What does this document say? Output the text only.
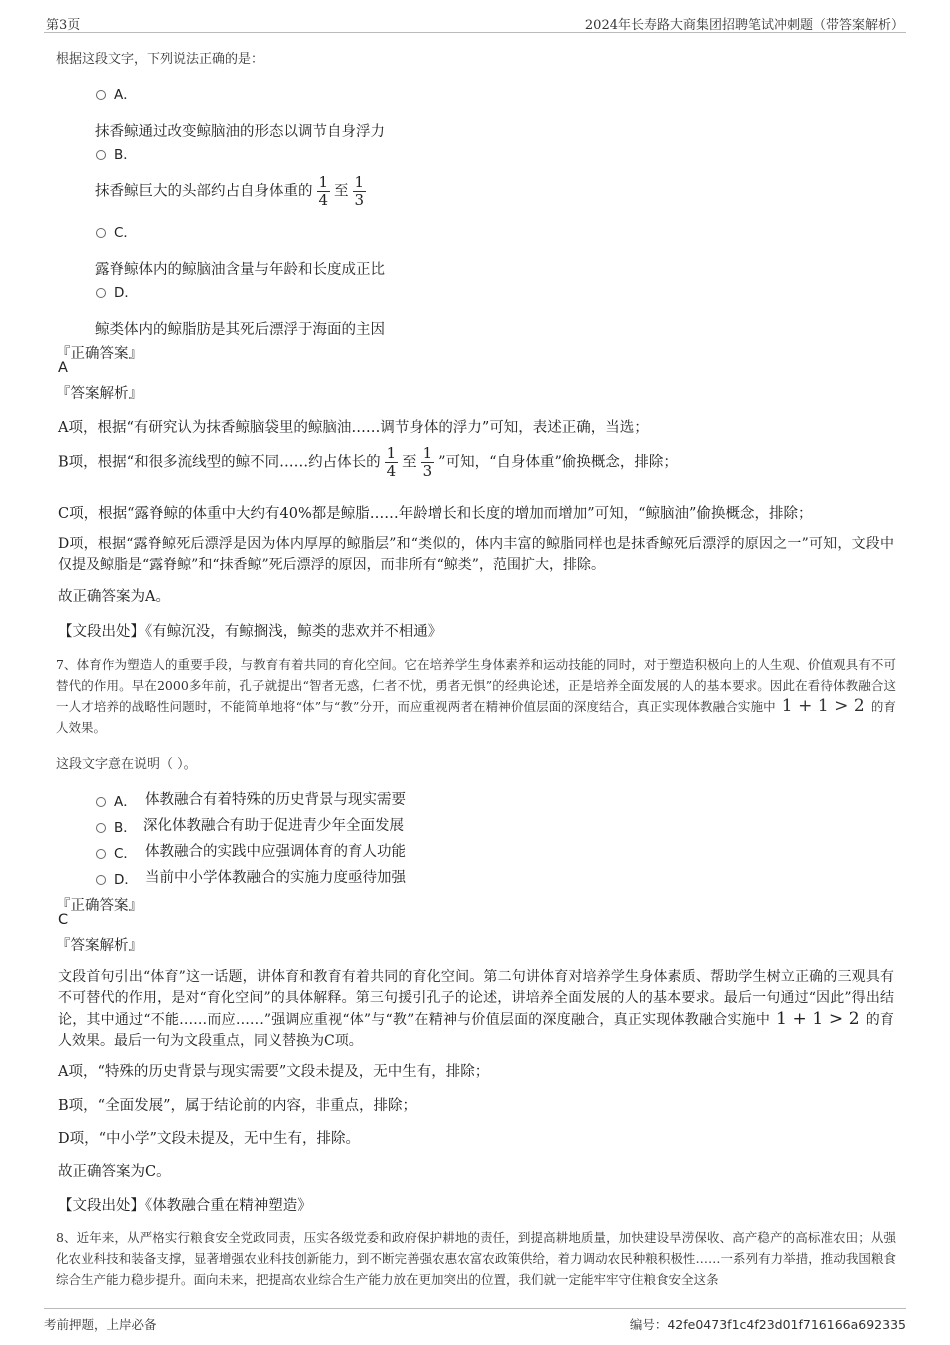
第3页	2024年长寿路大商集团招聘笔试冲刺题（带答案解析）
根据这段文字，下列说法正确的是：
A．
抹香鲸通过改变鲸脑油的形态以调节自身浮力
B．
抹香鲸巨大的头部约占自身体重的 $\frac{1}{4}$ 至 $\frac{1}{3}$
C．
露脊鲸体内的鲸脑油含量与年龄和长度成正比
D．
鲸类体内的鲸脂肪是其死后漂浮于海面的主因
『正确答案』
A
『答案解析』
A项，根据“有研究认为抹香鲸脑袋里的鲸脑油……调节身体的浮力”可知，表述正确，当选；
B项，根据“和很多流线型的鲸不同……约占体长的 $\frac{1}{4}$ 至 $\frac{1}{3}$ ”可知，“自身体重”偷换概念，排除；
C项，根据“露脊鲸的体重中大约有40%都是鲸脂……年龄增长和长度的增加而增加”可知，“鲸脑油”偷换概念，排除；
D项，根据“露脊鲸死后漂浮是因为体内厚厚的鲸脂层”和“类似的，体内丰富的鲸脂同样也是抹香鲸死后漂浮的原因之一”可知，文段中仅提及鲸脂是“露脊鲸”和“抹香鲸”死后漂浮的原因，而非所有“鲸类”，范围扩大，排除。
故正确答案为A。
【文段出处】《有鲸沉没，有鲸搁浅，鲸类的悲欢并不相通》
7、体育作为塑造人的重要手段，与教育有着共同的育化空间。它在培养学生身体素养和运动技能的同时，对于塑造积极向上的人生观、价值观具有不可替代的作用。早在2000多年前，孔子就提出“智者无惑，仁者不忧，勇者无惧”的经典论述，正是培养全面发展的人的基本要求。因此在看待体教融合这一人才培养的战略性问题时，不能简单地将“体”与“教”分开，而应重视两者在精神价值层面的深度结合，真正实现体教融合实施中 1 + 1 > 2 的育人效果。
这段文字意在说明（ ）。
A． 体教融合有着特殊的历史背景与现实需要
B． 深化体教融合有助于促进青少年全面发展
C． 体教融合的实践中应强调体育的育人功能
D． 当前中小学体教融合的实施力度亟待加强
『正确答案』
C
『答案解析』
文段首句引出“体育”这一话题，讲体育和教育有着共同的育化空间。第二句讲体育对培养学生身体素质、帮助学生树立正确的三观具有不可替代的作用，是对“育化空间”的具体解释。第三句援引孔子的论述，讲培养全面发展的人的基本要求。最后一句通过“因此”得出结论，其中通过“不能……而应……”强调应重视“体”与“教”在精神与价值层面的深度融合，真正实现体教融合实施中 1 + 1 > 2 的育人效果。最后一句为文段重点，同义替换为C项。
A项，“特殊的历史背景与现实需要”文段未提及，无中生有，排除；
B项，“全面发展”，属于结论前的内容，非重点，排除；
D项，“中小学”文段未提及，无中生有，排除。
故正确答案为C。
【文段出处】《体教融合重在精神塑造》
8、近年来，从严格实行粮食安全党政同责，压实各级党委和政府保护耕地的责任，到提高耕地质量，加快建设旱涝保收、高产稳产的高标准农田；从强化农业科技和装备支撑，显著增强农业科技创新能力，到不断完善强农惠农富农政策供给，着力调动农民种粮积极性……一系列有力举措，推动我国粮食综合生产能力稳步提升。面向未来，把提高农业综合生产能力放在更加突出的位置，我们就一定能牢牢守住粮食安全这条
考前押题，上岸必备	编号：42fe0473f1c4f23d01f716166a692335
